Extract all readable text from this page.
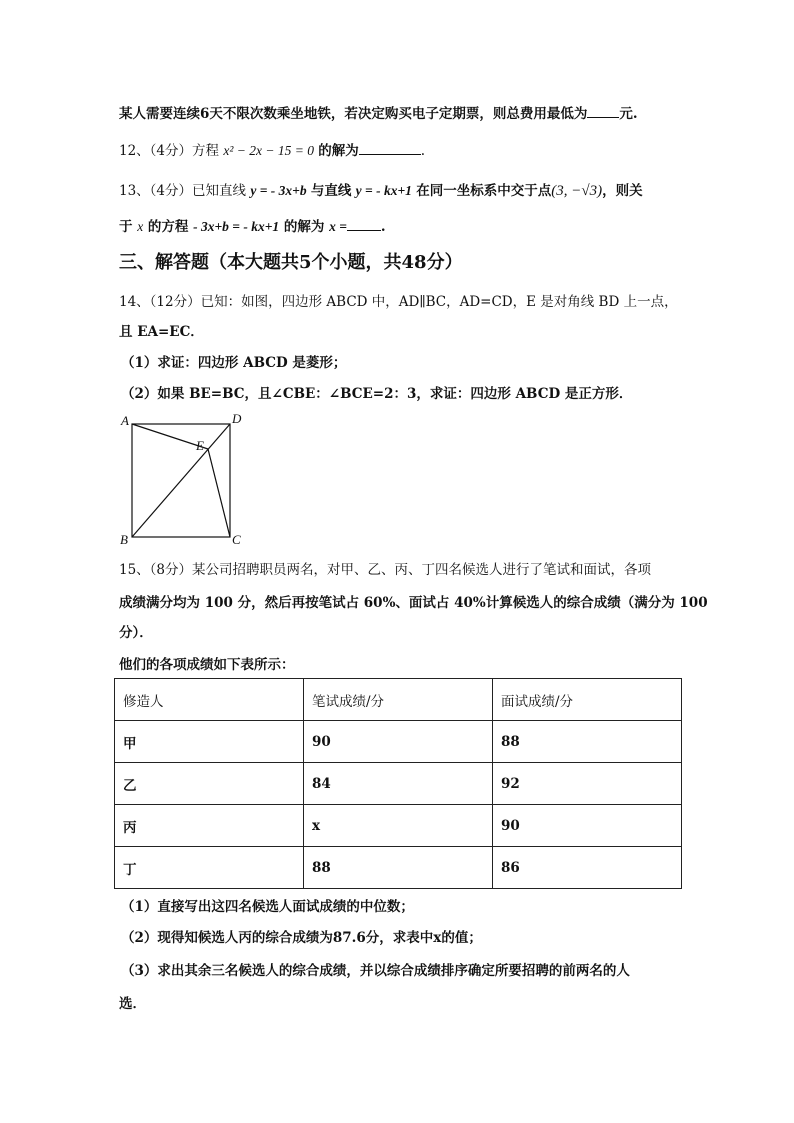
某人需要连续6天不限次数乘坐地铁，若决定购买电子定期票，则总费用最低为 元.
12、（4分）方程 x² − 2x − 15 = 0 的解为	.
13、（4分）已知直线 y = - 3x+b 与直线 y = - kx+1 在同一坐标系中交于点(3, −√3)，则关
于 x 的方程 - 3x+b = - kx+1 的解为 x =	.
三、解答题（本大题共5个小题，共48分）
14、（12分）已知：如图，四边形 ABCD 中，AD∥BC，AD=CD，E 是对角线 BD 上一点，
且 EA=EC．
（1）求证：四边形 ABCD 是菱形；
（2）如果 BE=BC，且∠CBE：∠BCE=2：3，求证：四边形 ABCD 是正方形．
A	D
E
B	C
15、（8分）某公司招聘职员两名，对甲、乙、丙、丁四名候选人进行了笔试和面试，各项
成绩满分均为 100 分，然后再按笔试占 60%、面试占 40%计算候选人的综合成绩（满分为 100
分）．
他们的各项成绩如下表所示：
修造人	笔试成绩/分	面试成绩/分
甲	90	88
乙	84	92
丙	x	90
丁	88	86
（1）直接写出这四名候选人面试成绩的中位数；
（2）现得知候选人丙的综合成绩为87.6分，求表中x的值；
（3）求出其余三名候选人的综合成绩，并以综合成绩排序确定所要招聘的前两名的人
选．
